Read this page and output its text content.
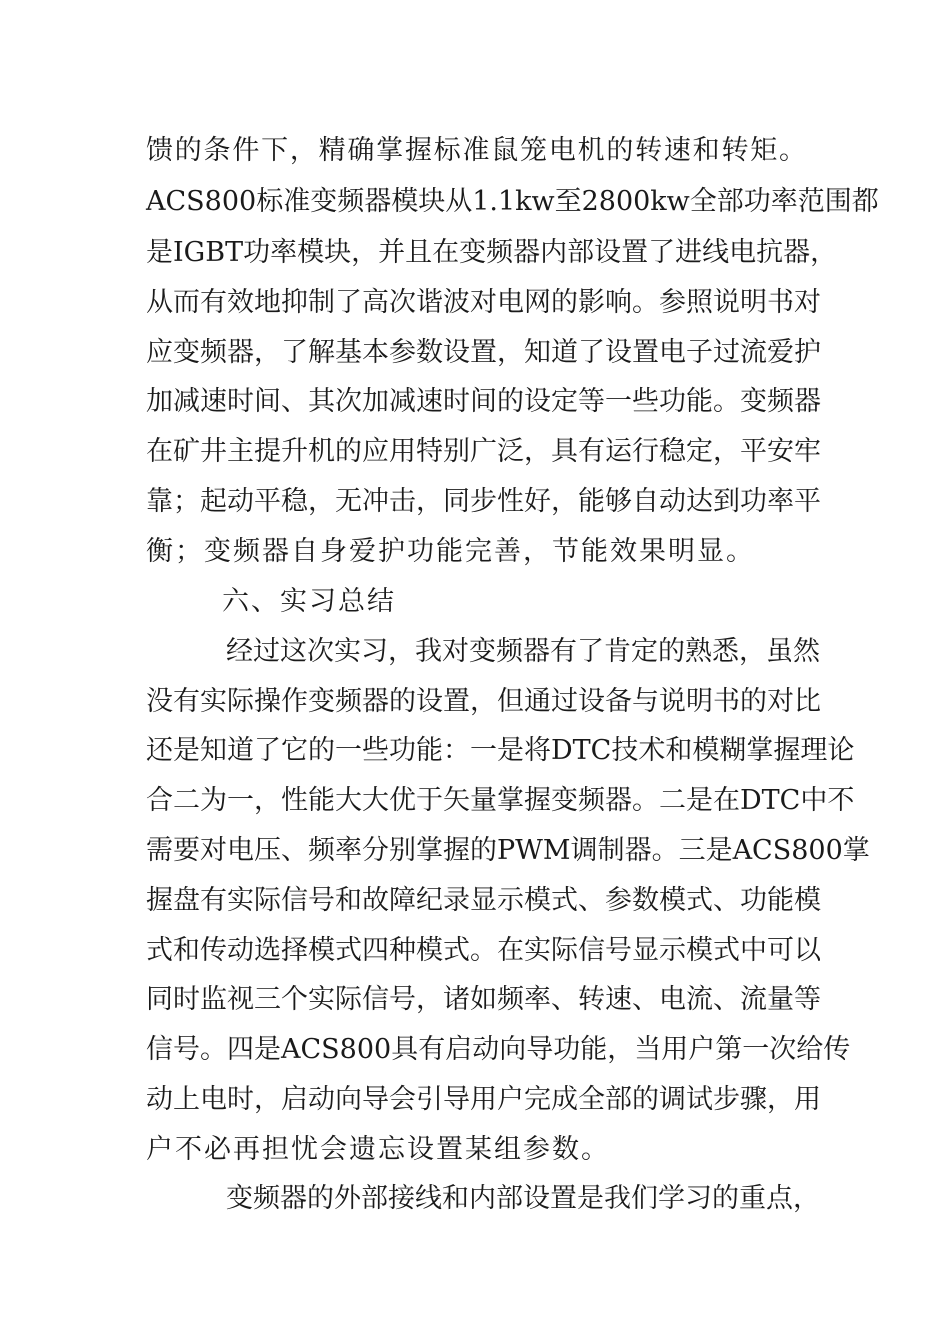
馈的条件下，精确掌握标准鼠笼电机的转速和转矩。
ACS800标准变频器模块从1.1kw至2800kw全部功率范围都
是IGBT功率模块，并且在变频器内部设置了进线电抗器，
从而有效地抑制了高次谐波对电网的影响。参照说明书对
应变频器，了解基本参数设置，知道了设置电子过流爱护
加减速时间、其次加减速时间的设定等一些功能。变频器
在矿井主提升机的应用特别广泛，具有运行稳定，平安牢
靠；起动平稳，无冲击，同步性好，能够自动达到功率平
衡；变频器自身爱护功能完善，节能效果明显。
六、实习总结
经过这次实习，我对变频器有了肯定的熟悉，虽然
没有实际操作变频器的设置，但通过设备与说明书的对比
还是知道了它的一些功能：一是将DTC技术和模糊掌握理论
合二为一，性能大大优于矢量掌握变频器。二是在DTC中不
需要对电压、频率分别掌握的PWM调制器。三是ACS800掌
握盘有实际信号和故障纪录显示模式、参数模式、功能模
式和传动选择模式四种模式。在实际信号显示模式中可以
同时监视三个实际信号，诸如频率、转速、电流、流量等
信号。四是ACS800具有启动向导功能，当用户第一次给传
动上电时，启动向导会引导用户完成全部的调试步骤，用
户不必再担忧会遗忘设置某组参数。
变频器的外部接线和内部设置是我们学习的重点，
